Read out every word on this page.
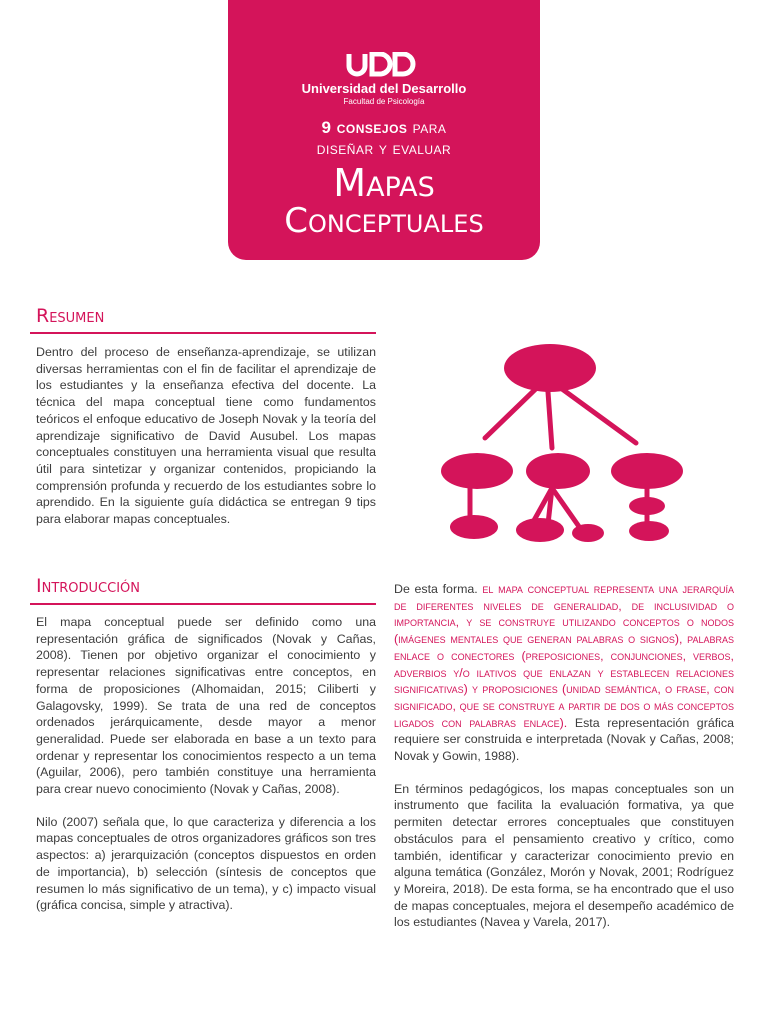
Universidad del Desarrollo
Facultad de Psicología
9 consejos para
diseñar y evaluar
Mapas
Conceptuales
Resumen
Dentro del proceso de enseñanza-aprendizaje, se utilizan diversas herramientas con el fin de facilitar el aprendizaje de los estudiantes y la enseñanza efectiva del docente. La técnica del mapa conceptual tiene como fundamentos teóricos el enfoque educativo de Joseph Novak y la teoría del aprendizaje significativo de David Ausubel. Los mapas conceptuales constituyen una herramienta visual que resulta útil para sintetizar y organizar contenidos, propiciando la comprensión profunda y recuerdo de los estudiantes sobre lo aprendido. En la siguiente guía didáctica se entregan 9 tips para elaborar mapas conceptuales.
Introducción

El mapa conceptual puede ser definido como una representación gráfica de significados (Novak y Cañas, 2008). Tienen por objetivo organizar el conocimiento y representar relaciones significativas entre conceptos, en forma de proposiciones (Alhomaidan, 2015; Ciliberti y Galagovsky, 1999). Se trata de una red de conceptos ordenados jerárquicamente, desde mayor a menor generalidad. Puede ser elaborada en base a un texto para ordenar y representar los conocimientos respecto a un tema (Aguilar, 2006), pero también constituye una herramienta para crear nuevo conocimiento (Novak y Cañas, 2008).

Nilo (2007) señala que, lo que caracteriza y diferencia a los mapas conceptuales de otros organizadores gráficos son tres aspectos: a) jerarquización (conceptos dispuestos en orden de importancia), b) selección (síntesis de conceptos que resumen lo más significativo de un tema), y c) impacto visual (gráfica concisa, simple y atractiva).

De esta forma. el mapa conceptual representa una jerarquía de diferentes niveles de generalidad, de inclusividad o importancia, y se construye utilizando conceptos o nodos (imágenes mentales que generan palabras o signos), palabras enlace o conectores (preposiciones, conjunciones, verbos, adverbios y/o ilativos que enlazan y establecen relaciones significativas) y proposiciones (unidad semántica, o frase, con significado, que se construye a partir de dos o más conceptos ligados con palabras enlace). Esta representación gráfica requiere ser construida e interpretada (Novak y Cañas, 2008; Novak y Gowin, 1988).

En términos pedagógicos, los mapas conceptuales son un instrumento que facilita la evaluación formativa, ya que permiten detectar errores conceptuales que constituyen obstáculos para el pensamiento creativo y crítico, como también, identificar y caracterizar conocimiento previo en alguna temática (González, Morón y Novak, 2001; Rodríguez y Moreira, 2018). De esta forma, se ha encontrado que el uso de mapas conceptuales, mejora el desempeño académico de los estudiantes (Navea y Varela, 2017).
